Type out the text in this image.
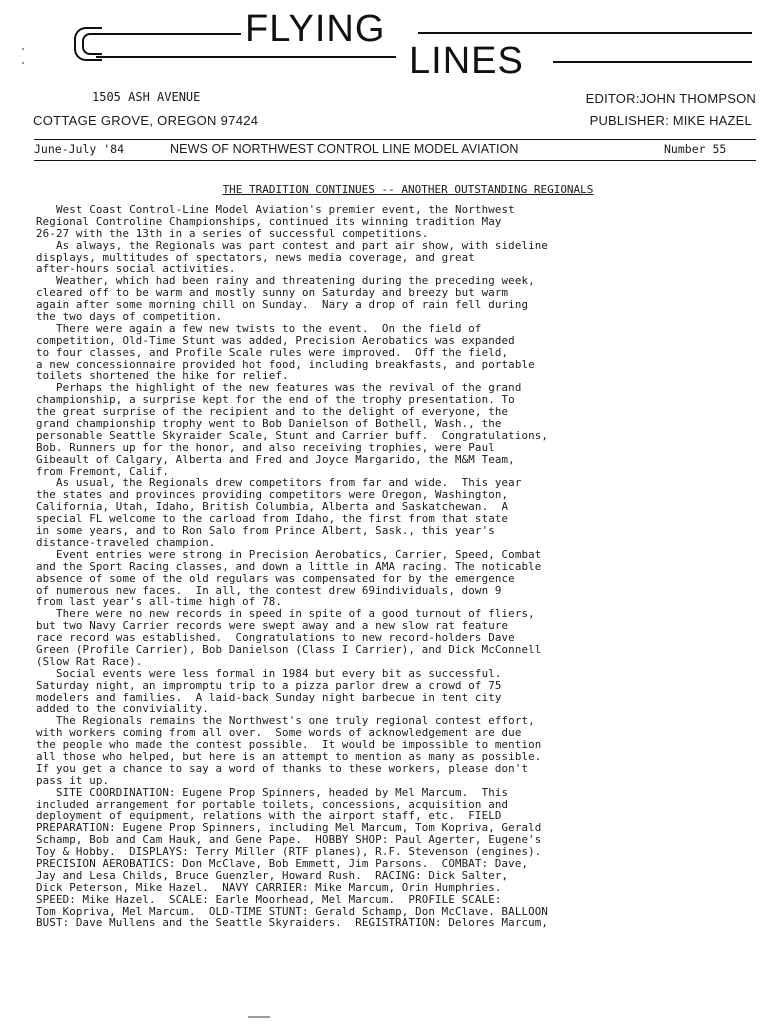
FLYING
LINES
1505 ASH AVENUE
COTTAGE GROVE, OREGON 97424
EDITOR:JOHN THOMPSON
PUBLISHER: MIKE HAZEL
June-July '84	NEWS OF NORTHWEST CONTROL LINE MODEL AVIATION	Number 55
THE TRADITION CONTINUES -- ANOTHER OUTSTANDING REGIONALS
West Coast Control-Line Model Aviation's premier event, the Northwest
Regional Controline Championships, continued its winning tradition May
26-27 with the 13th in a series of successful competitions.
As always, the Regionals was part contest and part air show, with sideline
displays, multitudes of spectators, news media coverage, and great
after-hours social activities.
Weather, which had been rainy and threatening during the preceding week,
cleared off to be warm and mostly sunny on Saturday and breezy but warm
again after some morning chill on Sunday.  Nary a drop of rain fell during
the two days of competition.
There were again a few new twists to the event.  On the field of
competition, Old-Time Stunt was added, Precision Aerobatics was expanded
to four classes, and Profile Scale rules were improved.  Off the field,
a new concessionnaire provided hot food, including breakfasts, and portable
toilets shortened the hike for relief.
Perhaps the highlight of the new features was the revival of the grand
championship, a surprise kept for the end of the trophy presentation. To
the great surprise of the recipient and to the delight of everyone, the
grand championship trophy went to Bob Danielson of Bothell, Wash., the
personable Seattle Skyraider Scale, Stunt and Carrier buff.  Congratulations,
Bob. Runners up for the honor, and also receiving trophies, were Paul
Gibeault of Calgary, Alberta and Fred and Joyce Margarido, the M&M Team,
from Fremont, Calif.
As usual, the Regionals drew competitors from far and wide.  This year
the states and provinces providing competitors were Oregon, Washington,
California, Utah, Idaho, British Columbia, Alberta and Saskatchewan.  A
special FL welcome to the carload from Idaho, the first from that state
in some years, and to Ron Salo from Prince Albert, Sask., this year's
distance-traveled champion.
Event entries were strong in Precision Aerobatics, Carrier, Speed, Combat
and the Sport Racing classes, and down a little in AMA racing. The noticable
absence of some of the old regulars was compensated for by the emergence
of numerous new faces.  In all, the contest drew 69individuals, down 9
from last year's all-time high of 78.
There were no new records in speed in spite of a good turnout of fliers,
but two Navy Carrier records were swept away and a new slow rat feature
race record was established.  Congratulations to new record-holders Dave
Green (Profile Carrier), Bob Danielson (Class I Carrier), and Dick McConnell
(Slow Rat Race).
Social events were less formal in 1984 but every bit as successful.
Saturday night, an impromptu trip to a pizza parlor drew a crowd of 75
modelers and families.  A laid-back Sunday night barbecue in tent city
added to the conviviality.
The Regionals remains the Northwest's one truly regional contest effort,
with workers coming from all over.  Some words of acknowledgement are due
the people who made the contest possible.  It would be impossible to mention
all those who helped, but here is an attempt to mention as many as possible.
If you get a chance to say a word of thanks to these workers, please don't
pass it up.
SITE COORDINATION: Eugene Prop Spinners, headed by Mel Marcum.  This
included arrangement for portable toilets, concessions, acquisition and
deployment of equipment, relations with the airport staff, etc.  FIELD
PREPARATION: Eugene Prop Spinners, including Mel Marcum, Tom Kopriva, Gerald
Schamp, Bob and Cam Hauk, and Gene Pape.  HOBBY SHOP: Paul Agerter, Eugene's
Toy & Hobby.  DISPLAYS: Terry Miller (RTF planes), R.F. Stevenson (engines).
PRECISION AEROBATICS: Don McClave, Bob Emmett, Jim Parsons.  COMBAT: Dave,
Jay and Lesa Childs, Bruce Guenzler, Howard Rush.  RACING: Dick Salter,
Dick Peterson, Mike Hazel.  NAVY CARRIER: Mike Marcum, Orin Humphries.
SPEED: Mike Hazel.  SCALE: Earle Moorhead, Mel Marcum.  PROFILE SCALE:
Tom Kopriva, Mel Marcum.  OLD-TIME STUNT: Gerald Schamp, Don McClave. BALLOON
BUST: Dave Mullens and the Seattle Skyraiders.  REGISTRATION: Delores Marcum,
